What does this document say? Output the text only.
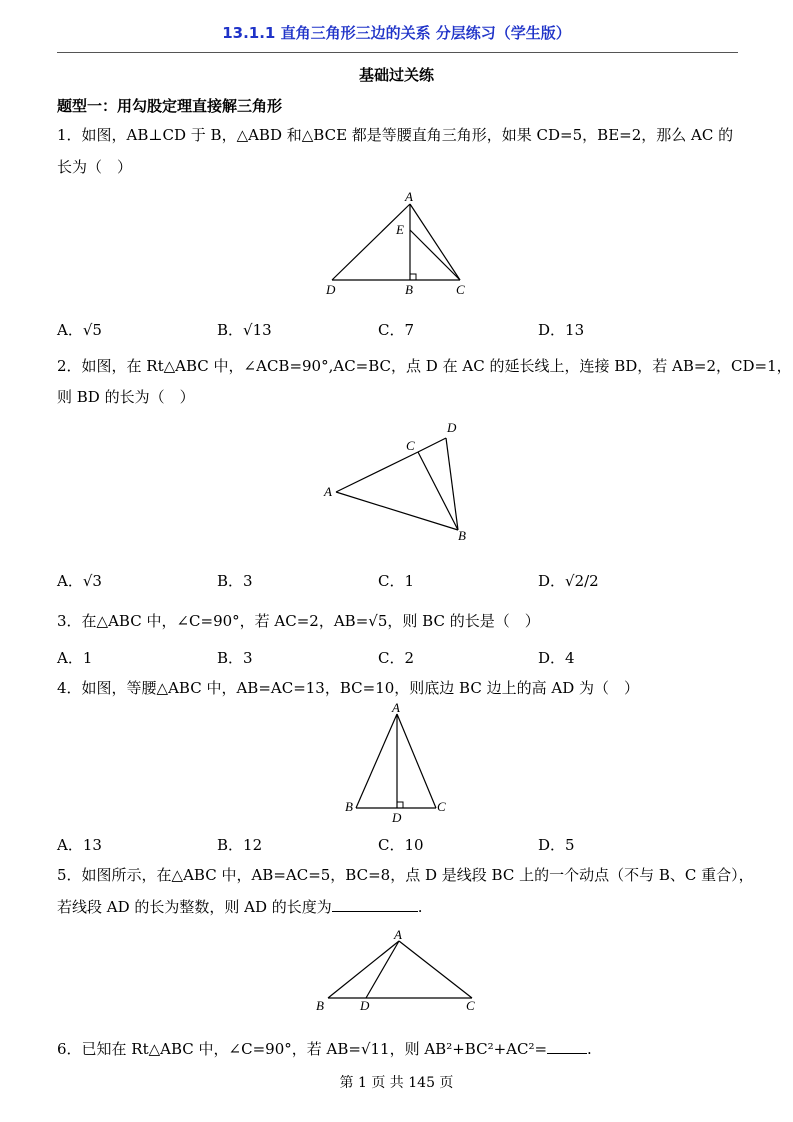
13.1.1 直角三角形三边的关系 分层练习（学生版）
基础过关练
题型一：用勾股定理直接解三角形
1．如图，AB⊥CD 于 B，△ABD 和△BCE 都是等腰直角三角形，如果 CD=5，BE=2，那么 AC 的
长为（　）
A
E
D	B	C
A．√5	B．√13	C．7	D．13
2．如图，在 Rt△ABC 中，∠ACB=90°,AC=BC，点 D 在 AC 的延长线上，连接 BD，若 AB=2，CD=1，
则 BD 的长为（　）
A
B
C
D
A．√3	B．3	C．1	D．√2/2
3．在△ABC 中，∠C=90°，若 AC=2，AB=√5，则 BC 的长是（　）
A．1	B．3	C．2	D．4
4．如图，等腰△ABC 中，AB=AC=13，BC=10，则底边 BC 边上的高 AD 为（　）
A
B	C
D
A．13	B．12	C．10	D．5
5．如图所示，在△ABC 中，AB=AC=5，BC=8，点 D 是线段 BC 上的一个动点（不与 B、C 重合），
若线段 AD 的长为整数，则 AD 的长度为	.
A
B	C
D
6．已知在 Rt△ABC 中，∠C=90°，若 AB=√11，则 AB²+BC²+AC²=	.
第 1 页 共 145 页
